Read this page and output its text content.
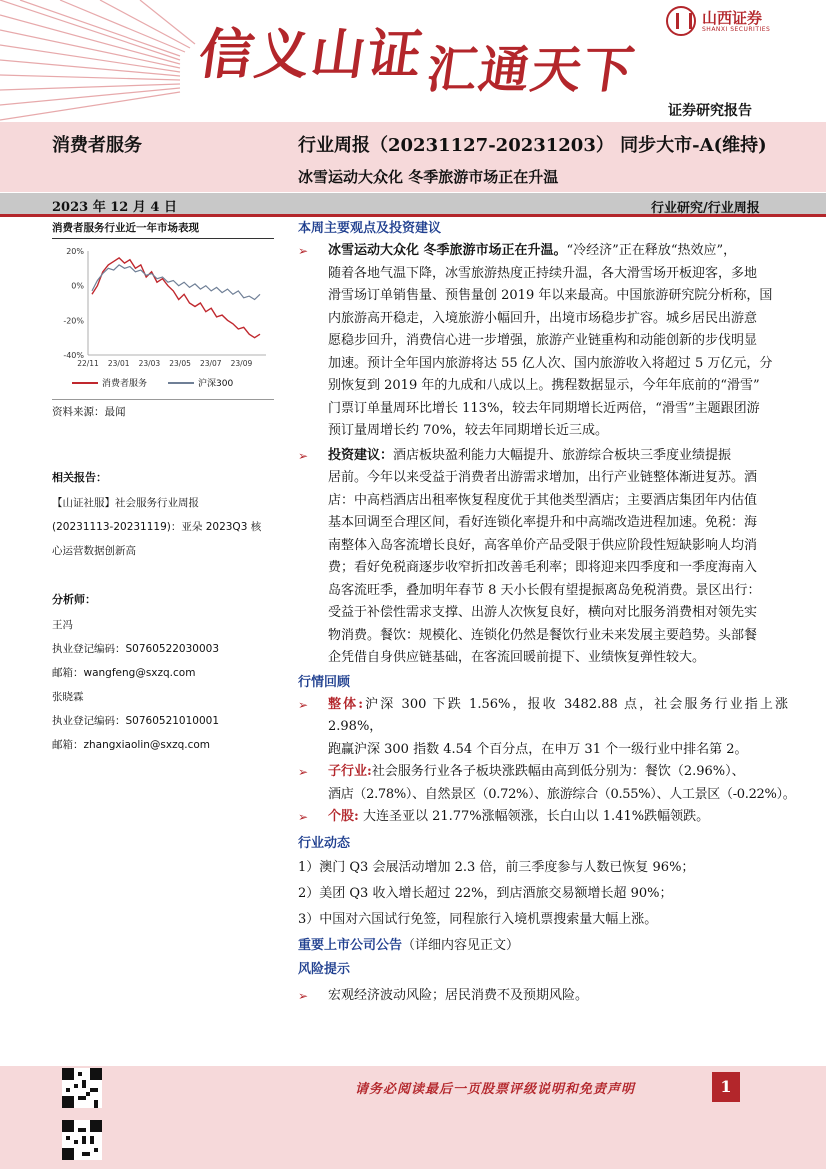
信义山证汇通天下
山西证券
SHANXI SECURITIES
证券研究报告
消费者服务	行业周报（20231127-20231203） 同步大市-A(维持)
冰雪运动大众化 冬季旅游市场正在升温
2023 年 12 月 4 日	行业研究/行业周报
消费者服务行业近一年市场表现
20%
0%
-20%
-40%
22/11 23/01 23/03 23/05 23/07 23/09
消费者服务	沪深300
资料来源：最闻
相关报告：
【山证社服】社会服务行业周报
(20231113-20231119)：亚朵 2023Q3 核
心运营数据创新高
分析师：
王冯
执业登记编码：S0760522030003
邮箱：wangfeng@sxzq.com
张晓霖
执业登记编码：S0760521010001
邮箱：zhangxiaolin@sxzq.com
本周主要观点及投资建议
➢ 冰雪运动大众化 冬季旅游市场正在升温。“冷经济”正在释放“热效应”，
随着各地气温下降，冰雪旅游热度正持续升温，各大滑雪场开板迎客，多地
滑雪场订单销售量、预售量创 2019 年以来最高。中国旅游研究院分析称，国
内旅游高开稳走，入境旅游小幅回升，出境市场稳步扩容。城乡居民出游意
愿稳步回升，消费信心进一步增强，旅游产业链重构和动能创新的步伐明显
加速。预计全年国内旅游将达 55 亿人次、国内旅游收入将超过 5 万亿元，分
别恢复到 2019 年的九成和八成以上。携程数据显示，今年年底前的“滑雪”
门票订单量周环比增长 113%，较去年同期增长近两倍，“滑雪”主题跟团游
预订量周增长约 70%，较去年同期增长近三成。
➢ 投资建议：酒店板块盈利能力大幅提升、旅游综合板块三季度业绩提振
居前。今年以来受益于消费者出游需求增加，出行产业链整体渐进复苏。酒
店：中高档酒店出租率恢复程度优于其他类型酒店；主要酒店集团年内估值
基本回调至合理区间，看好连锁化率提升和中高端改造进程加速。免税：海
南整体入岛客流增长良好，高客单价产品受限于供应阶段性短缺影响人均消
费；看好免税商逐步收窄折扣改善毛利率；即将迎来四季度和一季度海南入
岛客流旺季，叠加明年春节 8 天小长假有望提振离岛免税消费。景区出行：
受益于补偿性需求支撑、出游人次恢复良好，横向对比服务消费相对领先实
物消费。餐饮：规模化、连锁化仍然是餐饮行业未来发展主要趋势。头部餐
企凭借自身供应链基础，在客流回暖前提下、业绩恢复弹性较大。
行情回顾
➢ 整体:沪深 300 下跌 1.56%，报收 3482.88 点，社会服务行业指上涨 2.98%，
跑赢沪深 300 指数 4.54 个百分点，在申万 31 个一级行业中排名第 2。
➢ 子行业:社会服务行业各子板块涨跌幅由高到低分别为：餐饮（2.96%）、
酒店（2.78%）、自然景区（0.72%）、旅游综合（0.55%）、人工景区（-0.22%）。
➢ 个股: 大连圣亚以 21.77%涨幅领涨，长白山以 1.41%跌幅领跌。
行业动态
1）澳门 Q3 会展活动增加 2.3 倍，前三季度参与人数已恢复 96%；
2）美团 Q3 收入增长超过 22%，到店酒旅交易额增长超 90%；
3）中国对六国试行免签，同程旅行入境机票搜索量大幅上涨。
重要上市公司公告（详细内容见正文）
风险提示
➢ 宏观经济波动风险；居民消费不及预期风险。
请务必阅读最后一页股票评级说明和免责声明	1
